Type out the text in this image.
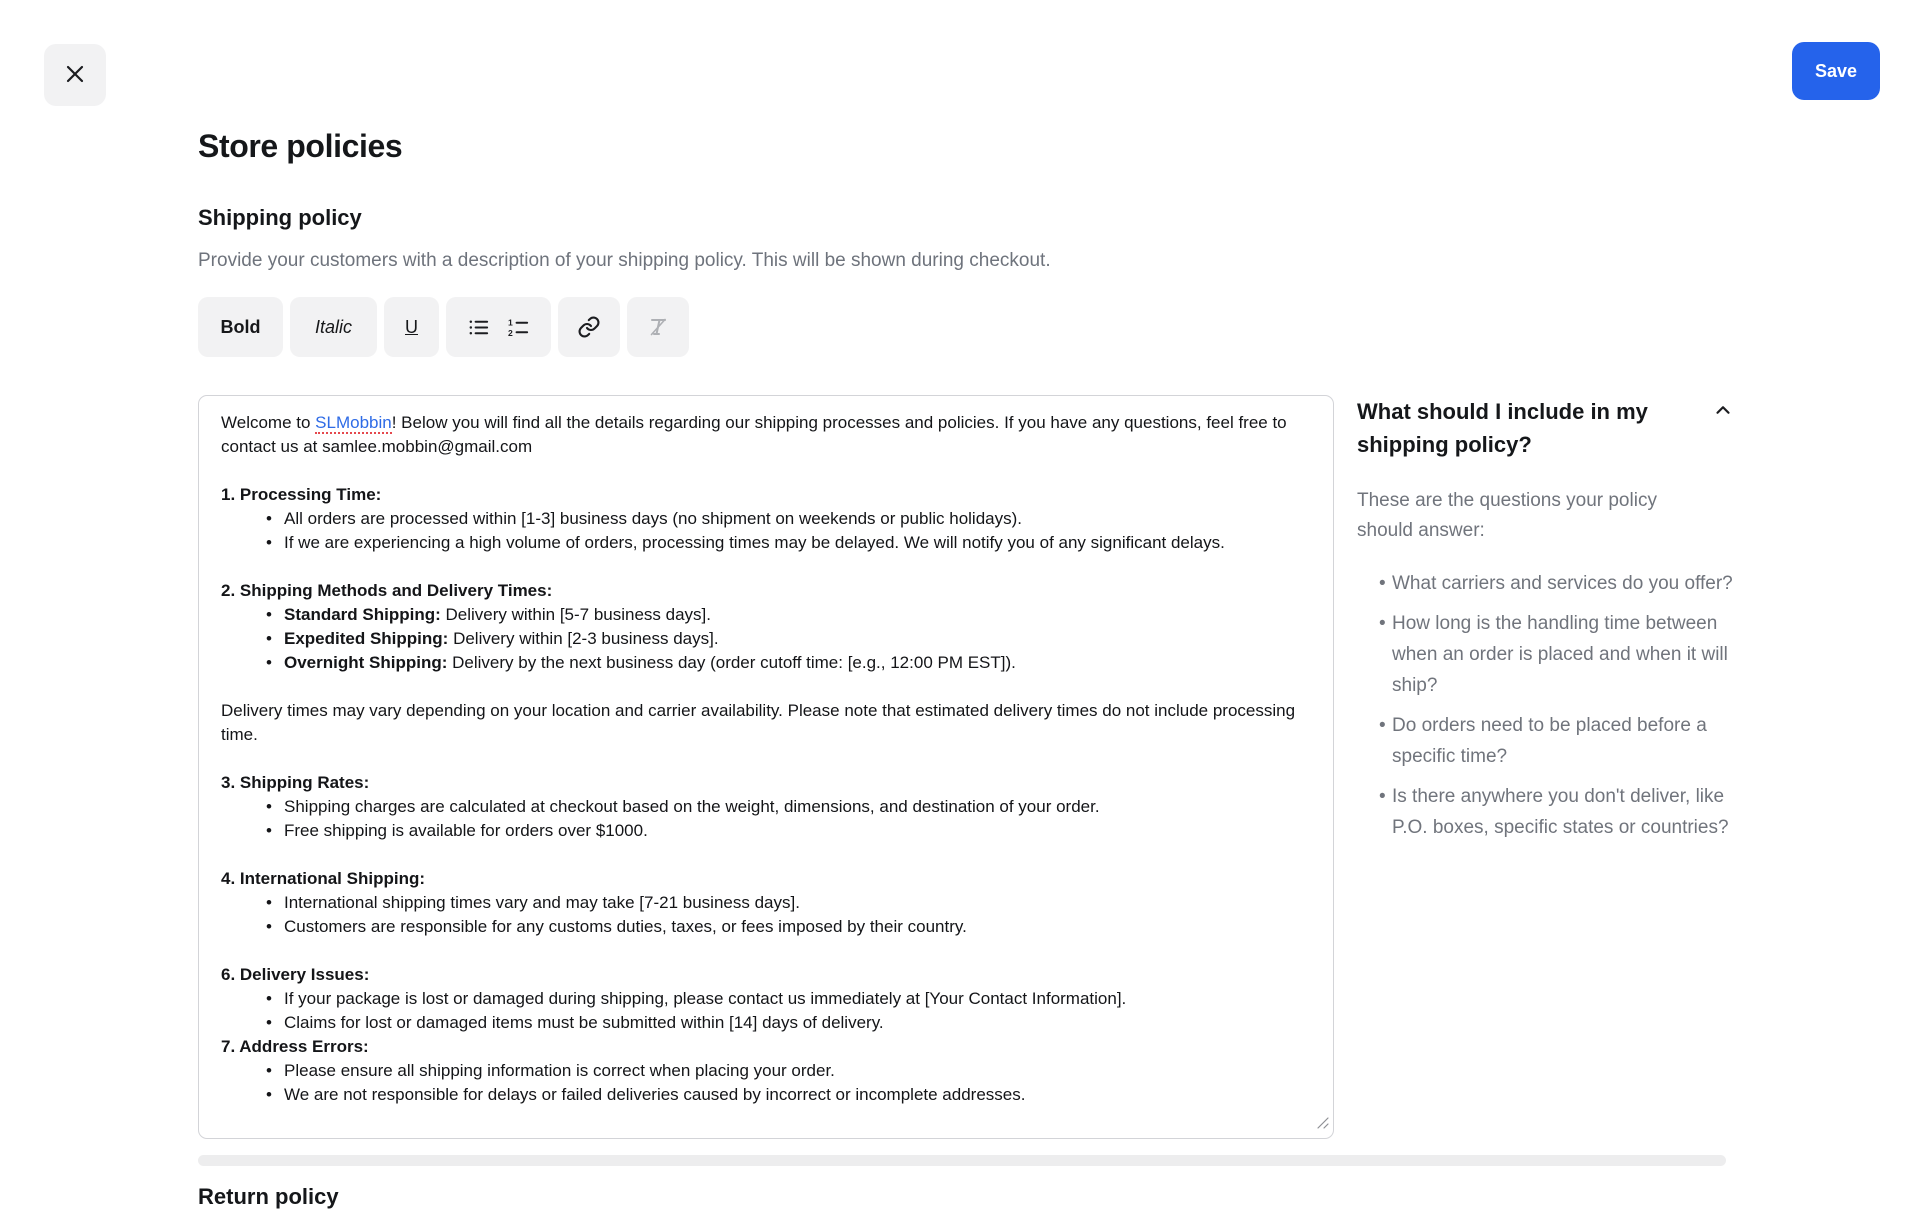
Save
Store policies
Shipping policy

Provide your customers with a description of your shipping policy. This will be shown during checkout.

Bold	Italic	U	1
2
Welcome to SLMobbin! Below you will find all the details regarding our shipping processes and policies. If you have any questions, feel free to contact us at samlee.mobbin@gmail.com

1. Processing Time:
• All orders are processed within [1-3] business days (no shipment on weekends or public holidays).
• If we are experiencing a high volume of orders, processing times may be delayed. We will notify you of any significant delays.

2. Shipping Methods and Delivery Times:
• Standard Shipping: Delivery within [5-7 business days].
• Expedited Shipping: Delivery within [2-3 business days].
• Overnight Shipping: Delivery by the next business day (order cutoff time: [e.g., 12:00 PM EST]).

Delivery times may vary depending on your location and carrier availability. Please note that estimated delivery times do not include processing time.

3. Shipping Rates:
• Shipping charges are calculated at checkout based on the weight, dimensions, and destination of your order.
• Free shipping is available for orders over $1000.

4. International Shipping:
• International shipping times vary and may take [7-21 business days].
• Customers are responsible for any customs duties, taxes, or fees imposed by their country.

6. Delivery Issues:
• If your package is lost or damaged during shipping, please contact us immediately at [Your Contact Information].
• Claims for lost or damaged items must be submitted within [14] days of delivery.
7. Address Errors:
• Please ensure all shipping information is correct when placing your order.
• We are not responsible for delays or failed deliveries caused by incorrect or incomplete addresses.
What should I include in my shipping policy?

These are the questions your policy should answer:

• What carriers and services do you offer?
• How long is the handling time between when an order is placed and when it will ship?
• Do orders need to be placed before a specific time?
• Is there anywhere you don't deliver, like P.O. boxes, specific states or countries?
Return policy
